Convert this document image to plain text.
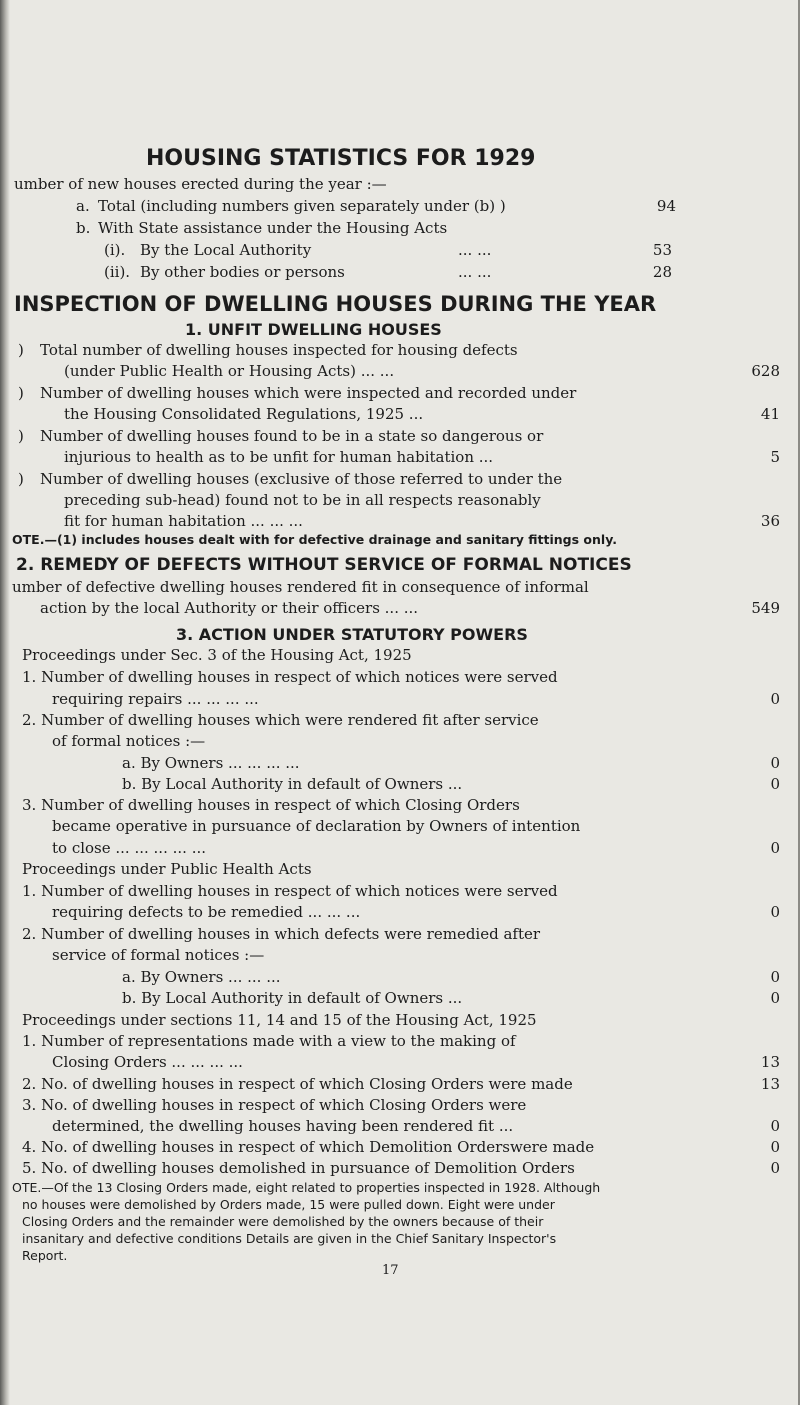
HOUSING STATISTICS FOR 1929
umber of new houses erected during the year :—
a. Total (including numbers given separately under (b) )	94
b. With State assistance under the Housing Acts
(i). By the Local Authority	... ...	53
(ii). By other bodies or persons	... ...	28
INSPECTION OF DWELLING HOUSES DURING THE YEAR
1. UNFIT DWELLING HOUSES
) Total number of dwelling houses inspected for housing defects
(under Public Health or Housing Acts) ... ...	628
) Number of dwelling houses which were inspected and recorded under
the Housing Consolidated Regulations, 1925 ...	41
) Number of dwelling houses found to be in a state so dangerous or
injurious to health as to be unfit for human habitation ...	5
) Number of dwelling houses (exclusive of those referred to under the
preceding sub-head) found not to be in all respects reasonably
fit for human habitation ... ... ...	36
OTE.—(1) includes houses dealt with for defective drainage and sanitary fittings only.
2. REMEDY OF DEFECTS WITHOUT SERVICE OF FORMAL NOTICES
umber of defective dwelling houses rendered fit in consequence of informal
action by the local Authority or their officers ... ...	549
3. ACTION UNDER STATUTORY POWERS
Proceedings under Sec. 3 of the Housing Act, 1925
1. Number of dwelling houses in respect of which notices were served
requiring repairs ... ... ... ...	0
2. Number of dwelling houses which were rendered fit after service
of formal notices :—
a. By Owners ... ... ... ...	0
b. By Local Authority in default of Owners ...	0
3. Number of dwelling houses in respect of which Closing Orders
became operative in pursuance of declaration by Owners of intention
to close ... ... ... ... ...	0
Proceedings under Public Health Acts
1. Number of dwelling houses in respect of which notices were served
requiring defects to be remedied ... ... ...	0
2. Number of dwelling houses in which defects were remedied after
service of formal notices :—
a. By Owners ... ... ...	0
b. By Local Authority in default of Owners ...	0
Proceedings under sections 11, 14 and 15 of the Housing Act, 1925
1. Number of representations made with a view to the making of
Closing Orders ... ... ... ...	13
2. No. of dwelling houses in respect of which Closing Orders were made	13
3. No. of dwelling houses in respect of which Closing Orders were
determined, the dwelling houses having been rendered fit ...	0
4. No. of dwelling houses in respect of which Demolition Orderswere made	0
5. No. of dwelling houses demolished in pursuance of Demolition Orders	0
OTE.—Of the 13 Closing Orders made, eight related to properties inspected in 1928. Although
no houses were demolished by Orders made, 15 were pulled down. Eight were under
Closing Orders and the remainder were demolished by the owners because of their
insanitary and defective conditions Details are given in the Chief Sanitary Inspector's
Report.
17
